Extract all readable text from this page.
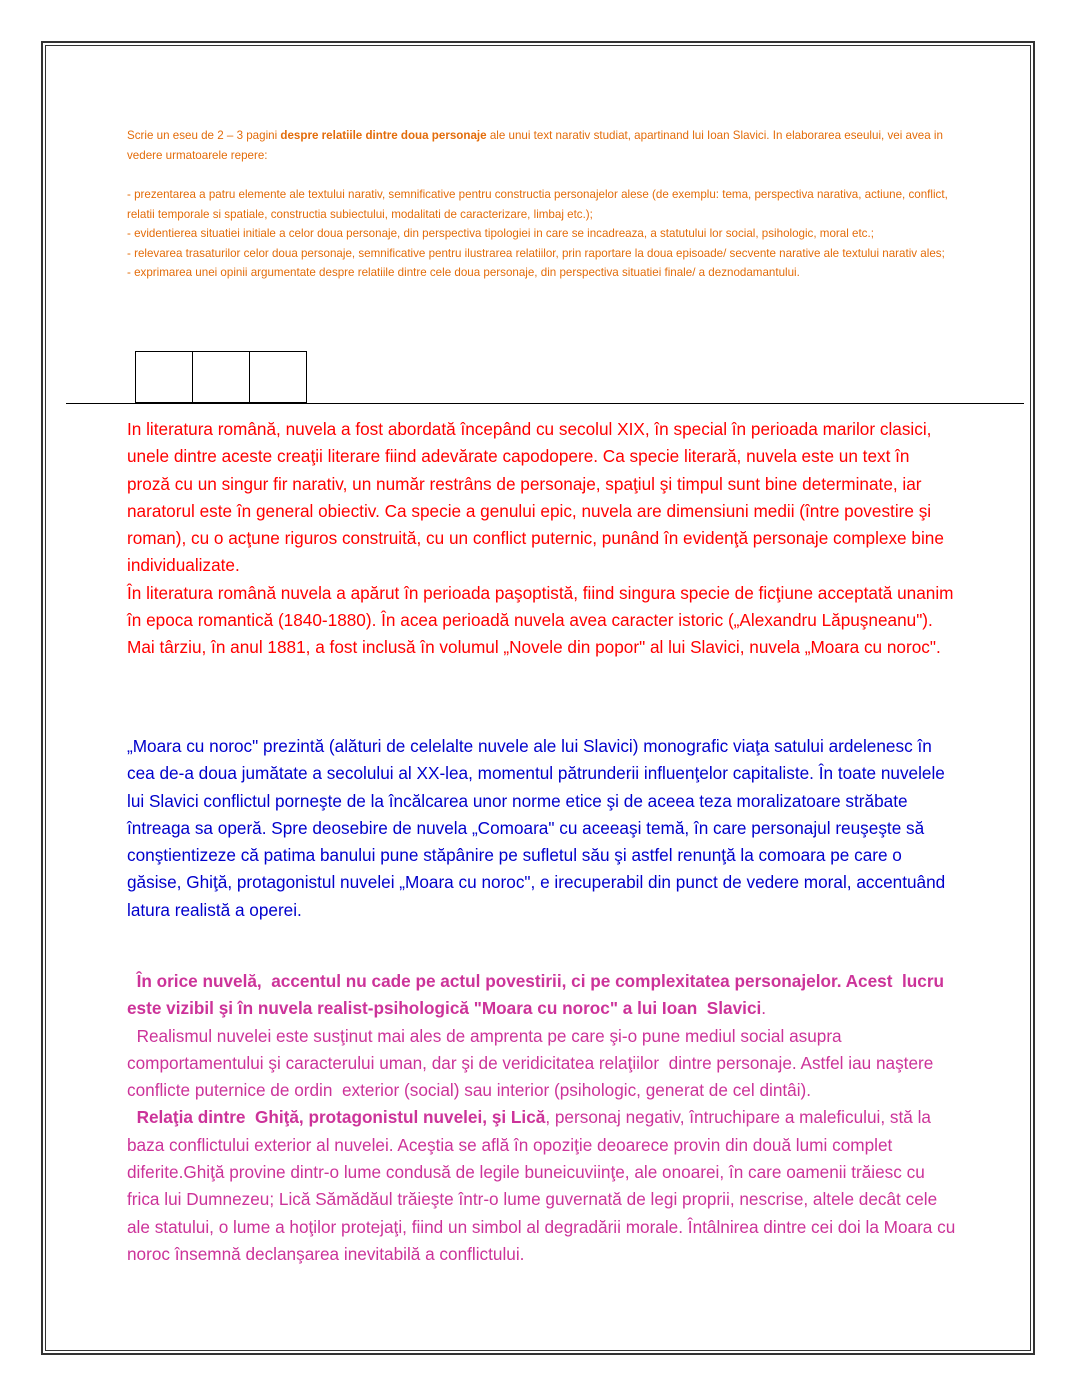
Scrie un eseu de 2 – 3 pagini despre relatiile dintre doua personaje ale unui text narativ studiat, apartinand lui Ioan Slavici. In elaborarea eseului, vei avea in vedere urmatoarele repere:

- prezentarea a patru elemente ale textului narativ, semnificative pentru constructia personajelor alese (de exemplu: tema, perspectiva narativa, actiune, conflict, relatii temporale si spatiale, constructia subiectului, modalitati de caracterizare, limbaj etc.);

- evidentierea situatiei initiale a celor doua personaje, din perspectiva tipologiei in care se incadreaza, a statutului lor social, psihologic, moral etc.;

- relevarea trasaturilor celor doua personaje, semnificative pentru ilustrarea relatiilor, prin raportare la doua episoade/ secvente narative ale textului narativ ales;

- exprimarea unei opinii argumentate despre relatiile dintre cele doua personaje, din perspectiva situatiei finale/ a deznodamantului.

In literatura română, nuvela a fost abordată începând cu secolul XIX, în special în perioada marilor clasici, unele dintre aceste creaţii literare fiind adevărate capodopere. Ca specie literară, nuvela este un text în proză cu un singur fir narativ, un număr restrâns de personaje, spaţiul şi timpul sunt bine determinate, iar naratorul este în general obiectiv. Ca specie a genului epic, nuvela are dimensiuni medii (între povestire şi roman), cu o acţune riguros construită, cu un conflict puternic, punând în evidenţă personaje complexe bine individualizate.

În literatura română nuvela a apărut în perioada paşoptistă, fiind singura specie de ficţiune acceptată unanim în epoca romantică (1840-1880). În acea perioadă nuvela avea caracter istoric („Alexandru Lăpuşneanu"). Mai târziu, în anul 1881, a fost inclusă în volumul „Novele din popor" al lui Slavici, nuvela „Moara cu noroc".

„Moara cu noroc" prezintă (alături de celelalte nuvele ale lui Slavici) monografic viaţa satului ardelenesc în cea de-a doua jumătate a secolului al XX-lea, momentul pătrunderii influenţelor capitaliste. În toate nuvelele lui Slavici conflictul porneşte de la încălcarea unor norme etice şi de aceea teza moralizatoare străbate întreaga sa operă. Spre deosebire de nuvela „Comoara" cu aceeaşi temă, în care personajul reuşeşte să conştientizeze că patima banului pune stăpânire pe sufletul său şi astfel renunţă la comoara pe care o găsise, Ghiţă, protagonistul nuvelei „Moara cu noroc", e irecuperabil din punct de vedere moral, accentuând latura realistă a operei.

În orice nuvelă,  accentul nu cade pe actul povestirii, ci pe complexitatea personajelor. Acest  lucru este vizibil şi în nuvela realist-psihologică "Moara cu noroc" a lui Ioan  Slavici.

Realismul nuvelei este susţinut mai ales de amprenta pe care şi-o pune mediul social asupra comportamentului şi caracterului uman, dar şi de veridicitatea relaţiilor  dintre personaje. Astfel iau naştere conflicte puternice de ordin  exterior (social) sau interior (psihologic, generat de cel dintâi).

Relaţia dintre  Ghiţă, protagonistul nuvelei, şi Lică, personaj negativ, întruchipare a maleficului, stă la baza conflictului exterior al nuvelei. Aceştia se află în opoziţie deoarece provin din două lumi complet diferite.Ghiţă provine dintr-o lume condusă de legile buneicuviinţe, ale onoarei, în care oamenii trăiesc cu frica lui Dumnezeu; Lică Sămădăul trăieşte într-o lume guvernată de legi proprii, nescrise, altele decât cele ale statului, o lume a hoţilor protejaţi, fiind un simbol al degradării morale. Întâlnirea dintre cei doi la Moara cu noroc însemnă declanşarea inevitabilă a conflictului.
